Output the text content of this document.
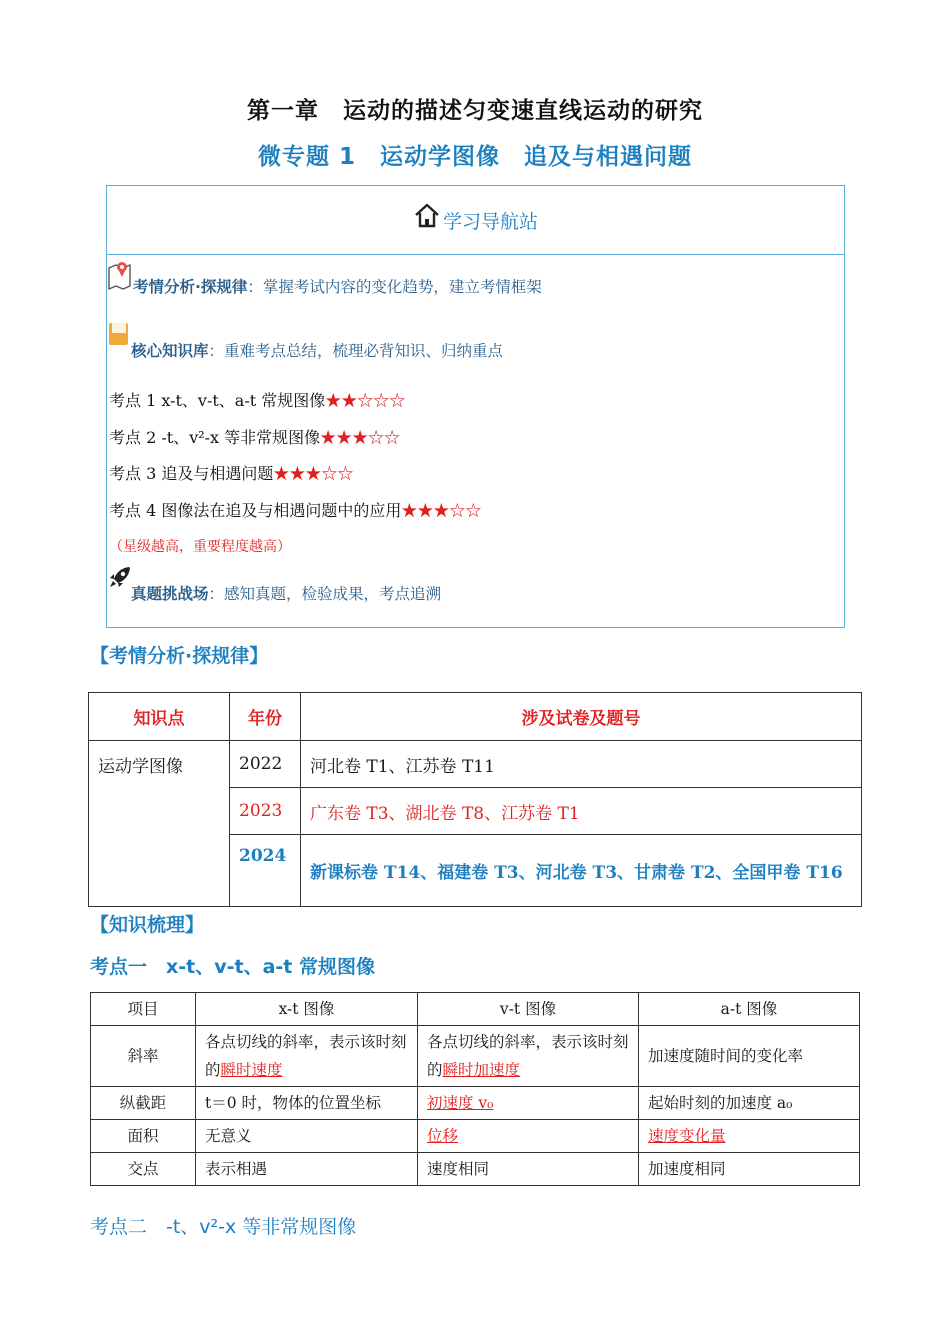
第一章　运动的描述匀变速直线运动的研究
微专题 1　运动学图像　追及与相遇问题
学习导航站
考情分析·探规律：掌握考试内容的变化趋势，建立考情框架
核心知识库：重难考点总结，梳理必背知识、归纳重点
考点 1 x-t、v-t、a-t 常规图像★★☆☆☆
考点 2 -t、v²-x 等非常规图像★★★☆☆
考点 3 追及与相遇问题★★★☆☆
考点 4 图像法在追及与相遇问题中的应用★★★☆☆
（星级越高，重要程度越高）
真题挑战场：感知真题，检验成果，考点追溯
【考情分析·探规律】
知识点	年份	涉及试卷及题号
运动学图像	2022	河北卷 T1、江苏卷 T11
	2023	广东卷 T3、湖北卷 T8、江苏卷 T1
	2024	新课标卷 T14、福建卷 T3、河北卷 T3、甘肃卷 T2、全国甲卷 T16
【知识梳理】
考点一　x-t、v-t、a-t 常规图像
项目	x-t 图像	v-t 图像	a-t 图像
斜率	各点切线的斜率，表示该时刻的瞬时速度	各点切线的斜率，表示该时刻的瞬时加速度	加速度随时间的变化率
纵截距	t＝0 时，物体的位置坐标	初速度 v₀	起始时刻的加速度 a₀
面积	无意义	位移	速度变化量
交点	表示相遇	速度相同	加速度相同
考点二　-t、v²-x 等非常规图像
